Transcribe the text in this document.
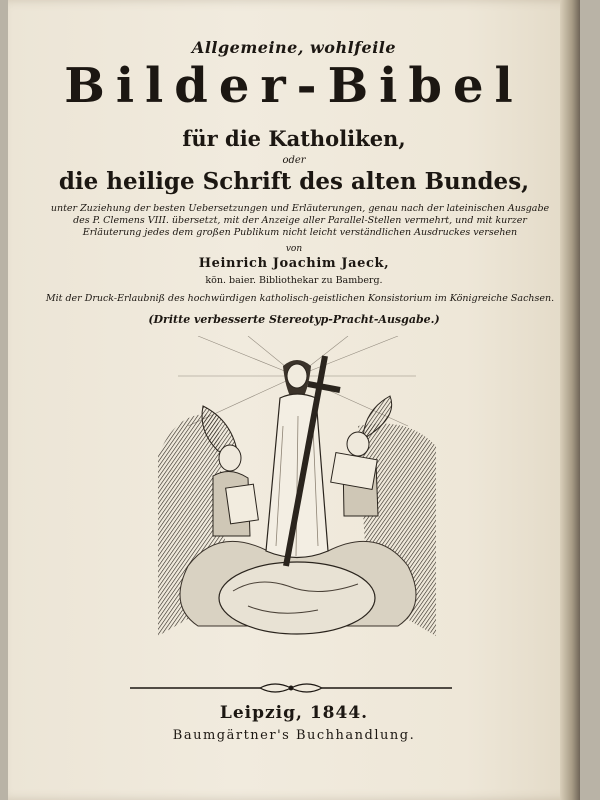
Allgemeine, wohlfeile
Bilder-Bibel
für die Katholiken,
oder
die heilige Schrift des alten Bundes,
unter Zuziehung der besten Uebersetzungen und Erläuterungen, genau nach der lateinischen Ausgabe des P. Clemens VIII. übersetzt, mit der Anzeige aller Parallel-Stellen vermehrt, und mit kurzer Erläuterung jedes dem großen Publikum nicht leicht verständlichen Ausdruckes versehen
von
Heinrich Joachim Jaeck,
kön. baier. Bibliothekar zu Bamberg.
Mit der Druck-Erlaubniß des hochwürdigen katholisch-geistlichen Konsistorium im Königreiche Sachsen.
(Dritte verbesserte Stereotyp-Pracht-Ausgabe.)
Leipzig, 1844.
Baumgärtner's Buchhandlung.
